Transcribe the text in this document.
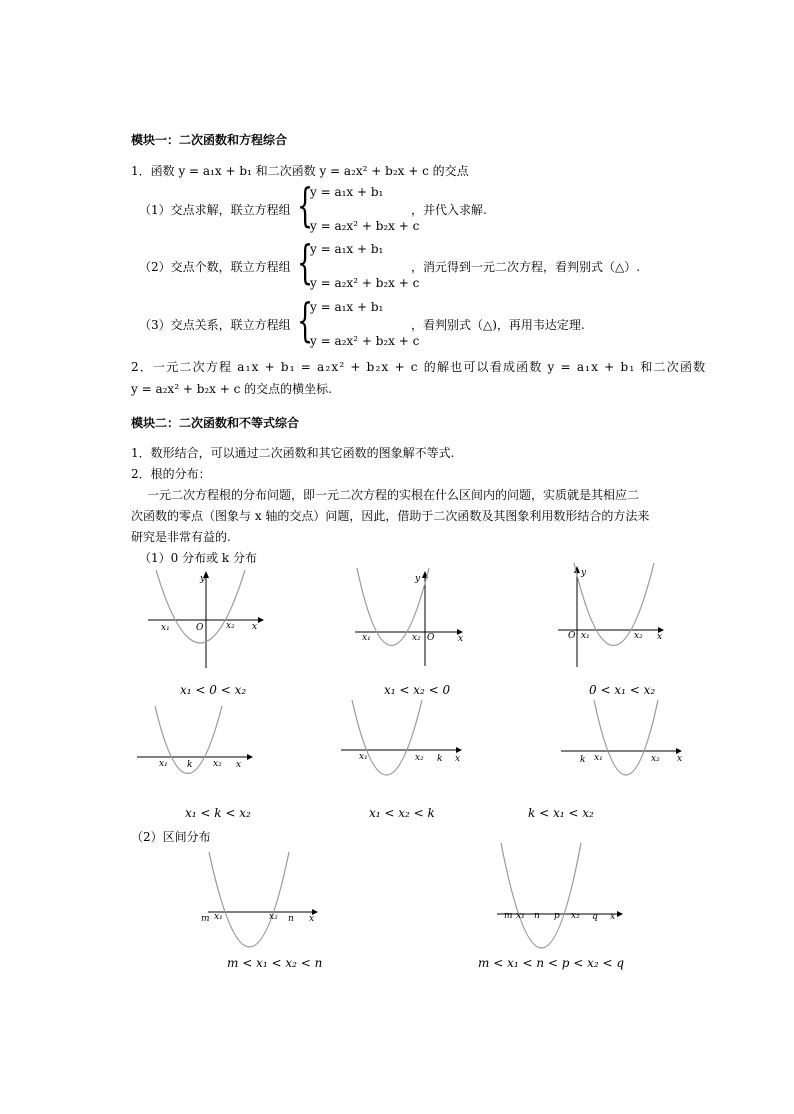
模块一：二次函数和方程综合
1．函数 y = a₁x + b₁ 和二次函数 y = a₂x² + b₂x + c 的交点
（1）交点求解，联立方程组 {
y = a₁x + b₁
y = a₂x² + b₂x + c
，并代入求解.
（2）交点个数，联立方程组 {
y = a₁x + b₁
y = a₂x² + b₂x + c
，消元得到一元二次方程，看判别式（△）.
（3）交点关系，联立方程组 {
y = a₁x + b₁
y = a₂x² + b₂x + c
，看判别式（△)，再用韦达定理.
2．一元二次方程 a₁x + b₁ = a₂x² + b₂x + c 的解也可以看成函数 y = a₁x + b₁ 和二次函数
y = a₂x² + b₂x + c 的交点的横坐标.
模块二：二次函数和不等式综合
1．数形结合，可以通过二次函数和其它函数的图象解不等式.
2．根的分布：
一元二次方程根的分布问题，即一元二次方程的实根在什么区间内的问题，实质就是其相应二
次函数的零点（图象与 x 轴的交点）问题，因此，借助于二次函数及其图象利用数形结合的方法来
研究是非常有益的.
（1）0 分布或 k 分布
y
x₁	O	x₂ x
x₁ < 0 < x₂
y
x₁	x₂ O	x
x₁ < x₂ < 0
y
O x₁	x₂ x
0 < x₁ < x₂
x₁ k x₂ x
x₁ < k < x₂
x₁	x₂ k x
x₁ < x₂ < k
k x₁	x₂ x
k < x₁ < x₂
（2）区间分布
m x₁	x₂ n x
m < x₁ < x₂ < n
m x₁ n p x₂ q x
m < x₁ < n < p < x₂ < q
